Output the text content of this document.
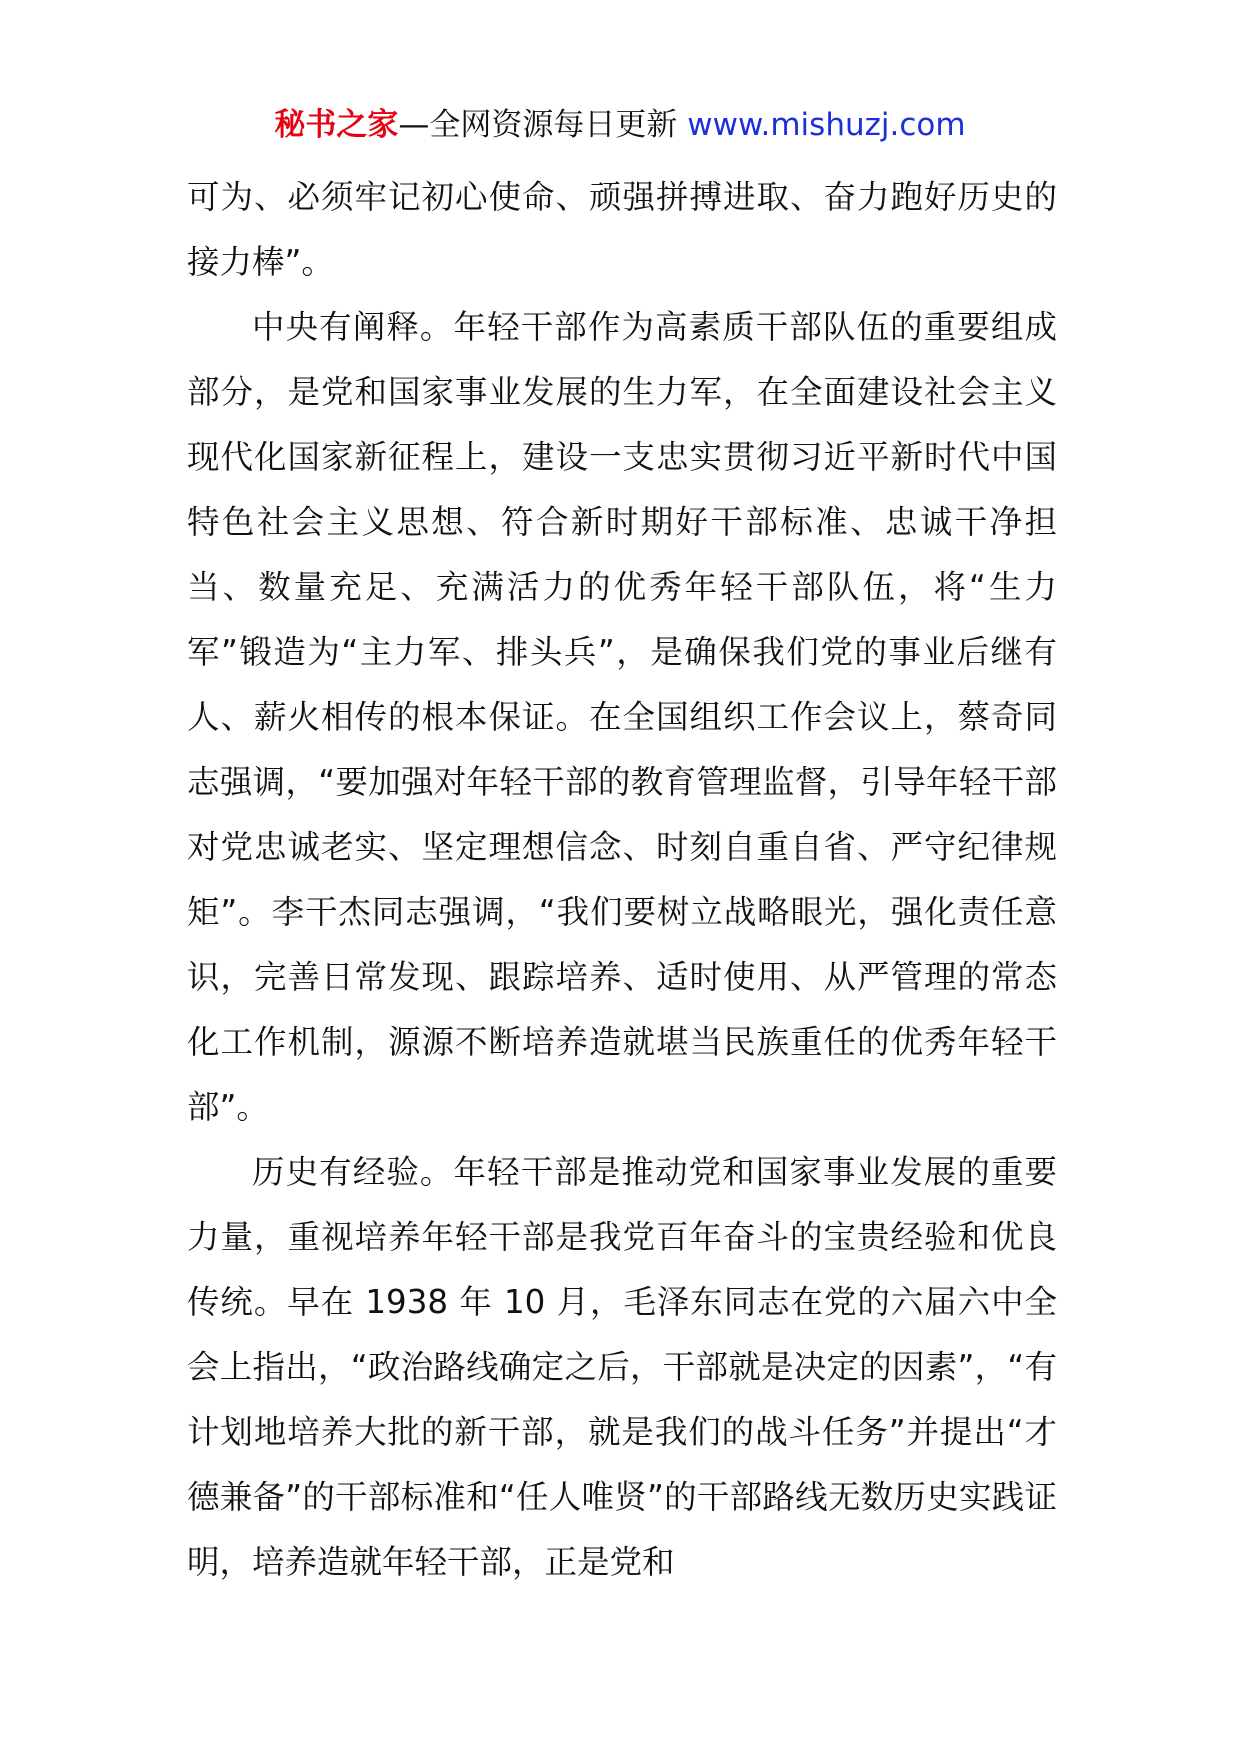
秘书之家—全网资源每日更新 www.mishuzj.com

可为、必须牢记初心使命、顽强拼搏进取、奋力跑好历史的接力棒”。

中央有阐释。年轻干部作为高素质干部队伍的重要组成部分，是党和国家事业发展的生力军，在全面建设社会主义现代化国家新征程上，建设一支忠实贯彻习近平新时代中国特色社会主义思想、符合新时期好干部标准、忠诚干净担当、数量充足、充满活力的优秀年轻干部队伍，将“生力军”锻造为“主力军、排头兵”，是确保我们党的事业后继有人、薪火相传的根本保证。在全国组织工作会议上，蔡奇同志强调，“要加强对年轻干部的教育管理监督，引导年轻干部对党忠诚老实、坚定理想信念、时刻自重自省、严守纪律规矩”。李干杰同志强调，“我们要树立战略眼光，强化责任意识，完善日常发现、跟踪培养、适时使用、从严管理的常态化工作机制，源源不断培养造就堪当民族重任的优秀年轻干部”。

历史有经验。年轻干部是推动党和国家事业发展的重要力量，重视培养年轻干部是我党百年奋斗的宝贵经验和优良传统。早在 1938 年 10 月，毛泽东同志在党的六届六中全会上指出，“政治路线确定之后，干部就是决定的因素”，“有计划地培养大批的新干部，就是我们的战斗任务”并提出“才德兼备”的干部标准和“任人唯贤”的干部路线无数历史实践证明，培养造就年轻干部，正是党和
